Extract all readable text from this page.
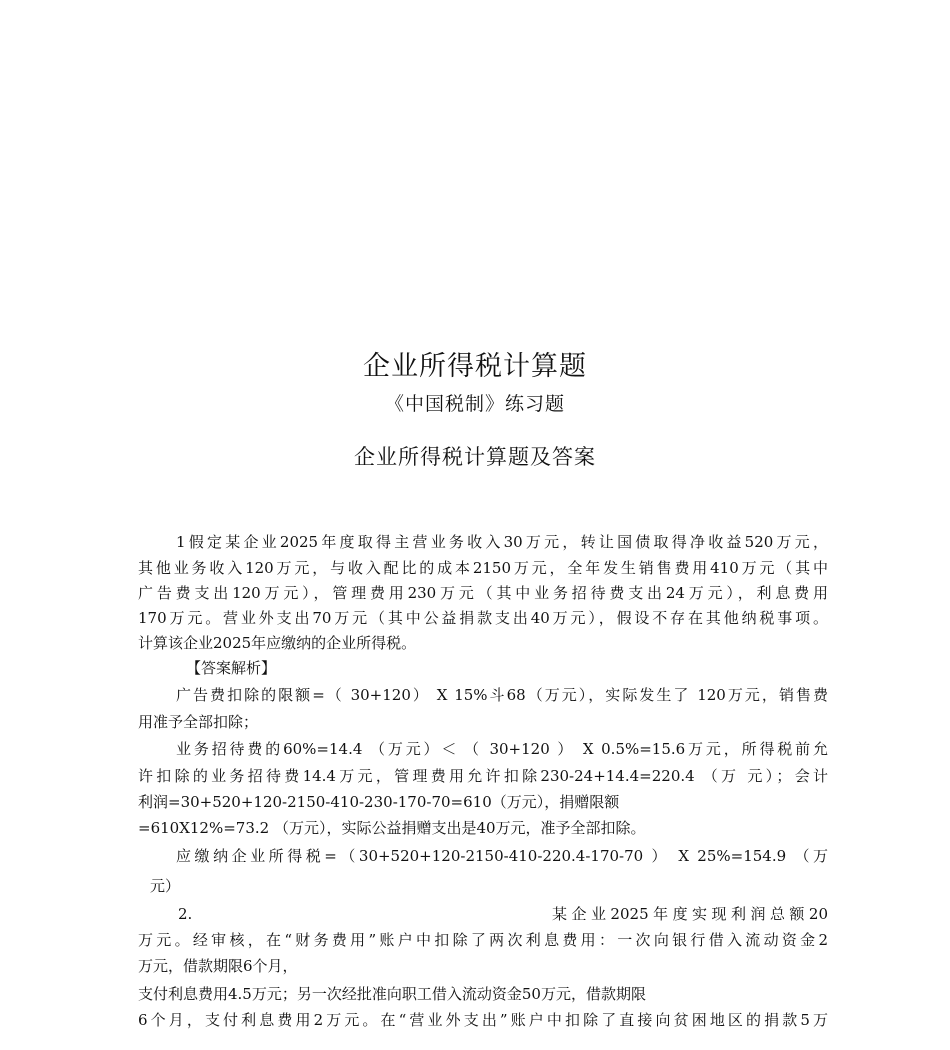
企业所得税计算题
《中国税制》练习题
企业所得税计算题及答案
1假定某企业2025年度取得主营业务收入30万元，转让国债取得净收益520万元，
其他业务收入120万元，与收入配比的成本2150万元，全年发生销售费用410万元（其中
广告费支出120万元），管理费用230万元（其中业务招待费支出24万元），利息费用
170万元。营业外支出70万元（其中公益捐款支出40万元），假设不存在其他纳税事项。
计算该企业2025年应缴纳的企业所得税。
【答案解析】
广告费扣除的限额=（ 30+120） X 15%斗68（万元），实际发生了 120万元，销售费
用准予全部扣除；
业务招待费的60%=14.4 （万元）＜ （ 30+120 ） X 0.5%=15.6万元，所得税前允
许扣除的业务招待费14.4万元，管理费用允许扣除230-24+14.4=220.4 （万 元）；会计
利润=30+520+120-2150-410-230-170-70=610（万元），捐赠限额
=610X12%=73.2 （万元），实际公益捐赠支出是40万元，准予全部扣除。
应缴纳企业所得税=（30+520+120-2150-410-220.4-170-70 ） X 25%=154.9 （万
元）
2.	某企业2025年度实现利润总额20
万元。经审核，在“财务费用”账户中扣除了两次利息费用：一次向银行借入流动资金2
万元，借款期限6个月，
支付利息费用4.5万元；另一次经批准向职工借入流动资金50万元，借款期限
6个月，支付利息费用2万元。在“营业外支出”账户中扣除了直接向贫困地区的捐款5万
